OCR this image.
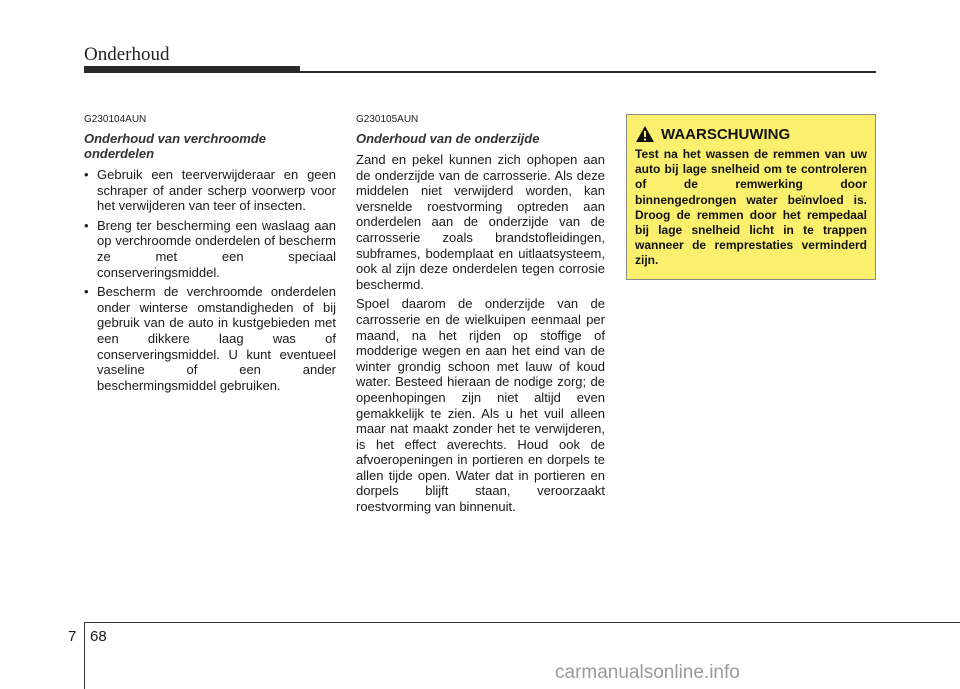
Onderhoud
G230104AUN
Onderhoud van verchroomde onderdelen
• Gebruik een teerverwijderaar en geen schraper of ander scherp voorwerp voor het verwijderen van teer of insecten.
• Breng ter bescherming een waslaag aan op verchroomde onderdelen of bescherm ze met een speciaal conserveringsmiddel.
• Bescherm de verchroomde onderdelen onder winterse omstandigheden of bij gebruik van de auto in kustgebieden met een dikkere laag was of conserveringsmiddel. U kunt eventueel vaseline of een ander beschermingsmiddel gebruiken.
G230105AUN
Onderhoud van de onderzijde

Zand en pekel kunnen zich ophopen aan de onderzijde van de carrosserie. Als deze middelen niet verwijderd worden, kan versnelde roestvorming optreden aan onderdelen aan de onderzijde van de carrosserie zoals brandstofleidingen, subframes, bodemplaat en uitlaatsysteem, ook al zijn deze onderdelen tegen corrosie beschermd.

Spoel daarom de onderzijde van de carrosserie en de wielkuipen eenmaal per maand, na het rijden op stoffige of modderige wegen en aan het eind van de winter grondig schoon met lauw of koud water. Besteed hieraan de nodige zorg; de opeenhopingen zijn niet altijd even gemakkelijk te zien. Als u het vuil alleen maar nat maakt zonder het te verwijderen, is het effect averechts. Houd ook de afvoeropeningen in portieren en dorpels te allen tijde open. Water dat in portieren en dorpels blijft staan, veroorzaakt roestvorming van binnenuit.

WAARSCHUWING
Test na het wassen de remmen van uw auto bij lage snelheid om te controleren of de remwerking door binnengedrongen water beïnvloed is. Droog de remmen door het rempedaal bij lage snelheid licht in te trappen wanneer de remprestaties verminderd zijn.
7 68
carmanualsonline.info
